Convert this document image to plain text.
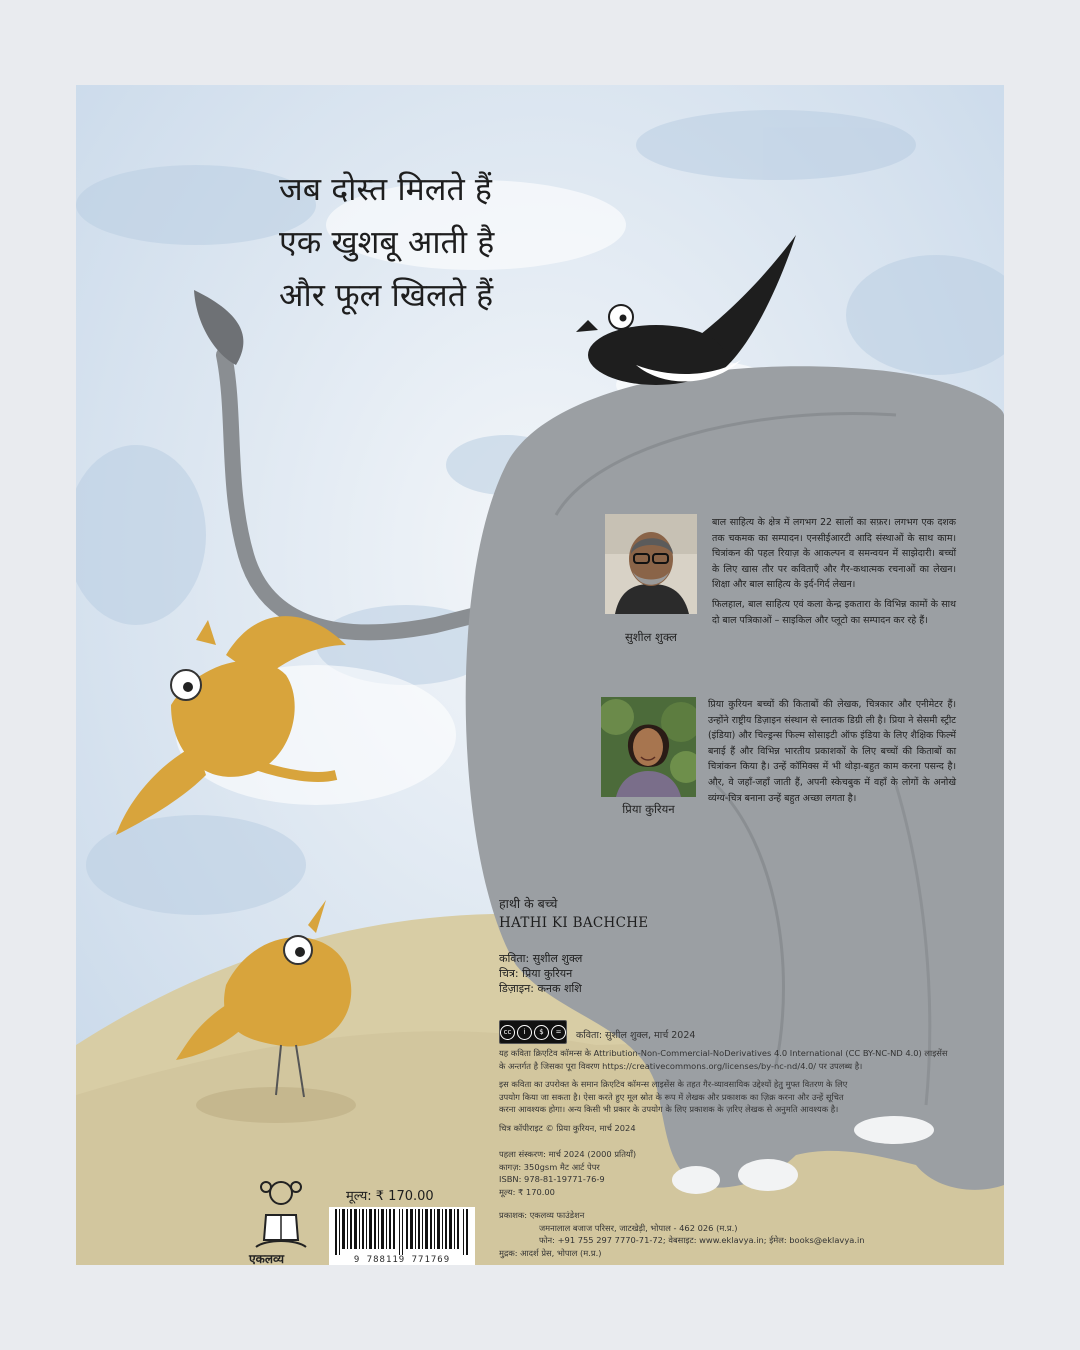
जब दोस्त मिलते हैं
एक खुशबू आती है
और फूल खिलते हैं
सुशील शुक्ल

बाल साहित्य के क्षेत्र में लगभग 22 सालों का सफ़र। लगभग एक दशक तक चकमक का सम्पादन। एनसीईआरटी आदि संस्थाओं के साथ काम। चित्रांकन की पहल रियाज़ के आकल्पन व समन्वयन में साझेदारी। बच्चों के लिए खास तौर पर कविताएँ और गैर-कथात्मक रचनाओं का लेखन। शिक्षा और बाल साहित्य के इर्द-गिर्द लेखन।

फिलहाल, बाल साहित्य एवं कला केन्द्र इकतारा के विभिन्न कामों के साथ दो बाल पत्रिकाओं – साइकिल और प्लूटो का सम्पादन कर रहे हैं।

प्रिया कुरियन
प्रिया कुरियन बच्चों की किताबों की लेखक, चित्रकार और एनीमेटर हैं। उन्होंने राष्ट्रीय डिज़ाइन संस्थान से स्नातक डिग्री ली है। प्रिया ने सेसमी स्ट्रीट (इंडिया) और चिल्ड्रन्स फिल्म सोसाइटी ऑफ इंडिया के लिए शैक्षिक फिल्में बनाई हैं और विभिन्न भारतीय प्रकाशकों के लिए बच्चों की किताबों का चित्रांकन किया है। उन्हें कॉमिक्स में भी थोड़ा-बहुत काम करना पसन्द है। और, वे जहाँ-जहाँ जाती हैं, अपनी स्केचबुक में वहाँ के लोगों के अनोखे व्यंग्य-चित्र बनाना उन्हें बहुत अच्छा लगता है।
हाथी के बच्चे
HATHI KI BACHCHE
कविता: सुशील शुक्ल
चित्र: प्रिया कुरियन
डिज़ाइन: कनक शशि
cc	i	$	=	कविता: सुशील शुक्ल, मार्च 2024
यह कविता क्रिएटिव कॉमन्स के Attribution-Non-Commercial-NoDerivatives 4.0 International (CC BY-NC-ND 4.0) लाइसेंस
के अन्तर्गत है जिसका पूरा विवरण https://creativecommons.org/licenses/by-nc-nd/4.0/ पर उपलब्ध है।
इस कविता का उपरोक्त के समान क्रिएटिव कॉमन्स लाइसेंस के तहत गैर-व्यावसायिक उद्देश्यों हेतु मुफ्त वितरण के लिए
उपयोग किया जा सकता है। ऐसा करते हुए मूल स्रोत के रूप में लेखक और प्रकाशक का ज़िक्र करना और उन्हें सूचित
करना आवश्यक होगा। अन्य किसी भी प्रकार के उपयोग के लिए प्रकाशक के ज़रिए लेखक से अनुमति आवश्यक है।
चित्र कॉपीराइट © प्रिया कुरियन, मार्च 2024
पहला संस्करण: मार्च 2024 (2000 प्रतियाँ)
कागज़: 350gsm मैट आर्ट पेपर
ISBN: 978-81-19771-76-9
मूल्य: ₹ 170.00
प्रकाशक: एकलव्य फाउंडेशन
जमनालाल बजाज परिसर, जाटखेड़ी, भोपाल - 462 026 (म.प्र.)
फोन: +91 755 297 7770-71-72; वेबसाइट: www.eklavya.in; ईमेल: books@eklavya.in
मुद्रक: आदर्श प्रेस, भोपाल (म.प्र.)
मूल्य: ₹ 170.00
9 788119 771769
एकलव्य
